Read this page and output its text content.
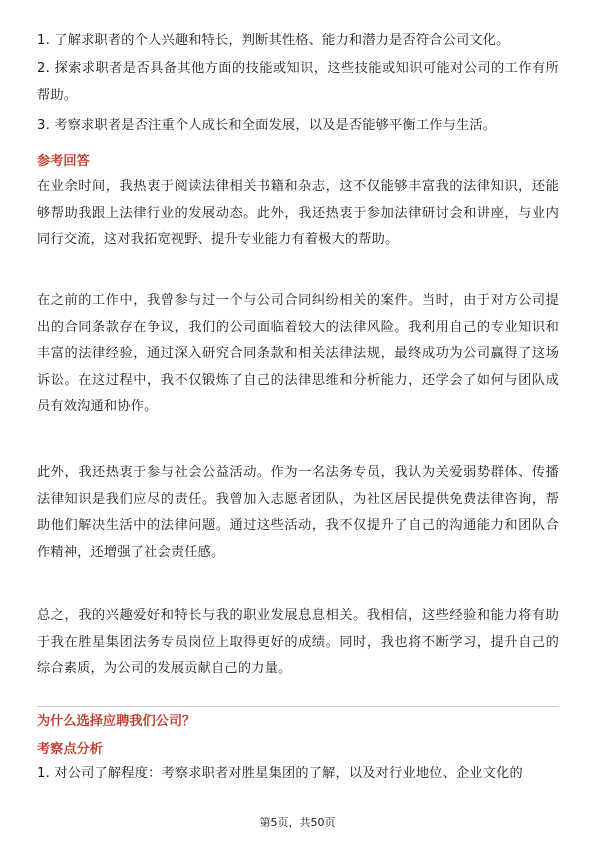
1. 了解求职者的个人兴趣和特长，判断其性格、能力和潜力是否符合公司文化。

2. 探索求职者是否具备其他方面的技能或知识，这些技能或知识可能对公司的工作有所帮助。

3. 考察求职者是否注重个人成长和全面发展，以及是否能够平衡工作与生活。

参考回答

在业余时间，我热衷于阅读法律相关书籍和杂志，这不仅能够丰富我的法律知识，还能够帮助我跟上法律行业的发展动态。此外，我还热衷于参加法律研讨会和讲座，与业内同行交流，这对我拓宽视野、提升专业能力有着极大的帮助。

在之前的工作中，我曾参与过一个与公司合同纠纷相关的案件。当时，由于对方公司提出的合同条款存在争议，我们的公司面临着较大的法律风险。我利用自己的专业知识和丰富的法律经验，通过深入研究合同条款和相关法律法规，最终成功为公司赢得了这场诉讼。在这过程中，我不仅锻炼了自己的法律思维和分析能力，还学会了如何与团队成员有效沟通和协作。

此外，我还热衷于参与社会公益活动。作为一名法务专员，我认为关爱弱势群体、传播法律知识是我们应尽的责任。我曾加入志愿者团队，为社区居民提供免费法律咨询，帮助他们解决生活中的法律问题。通过这些活动，我不仅提升了自己的沟通能力和团队合作精神，还增强了社会责任感。

总之，我的兴趣爱好和特长与我的职业发展息息相关。我相信，这些经验和能力将有助于我在胜星集团法务专员岗位上取得更好的成绩。同时，我也将不断学习，提升自己的综合素质，为公司的发展贡献自己的力量。

为什么选择应聘我们公司？
考察点分析

1. 对公司了解程度：考察求职者对胜星集团的了解，以及对行业地位、企业文化的

第5页，共50页
